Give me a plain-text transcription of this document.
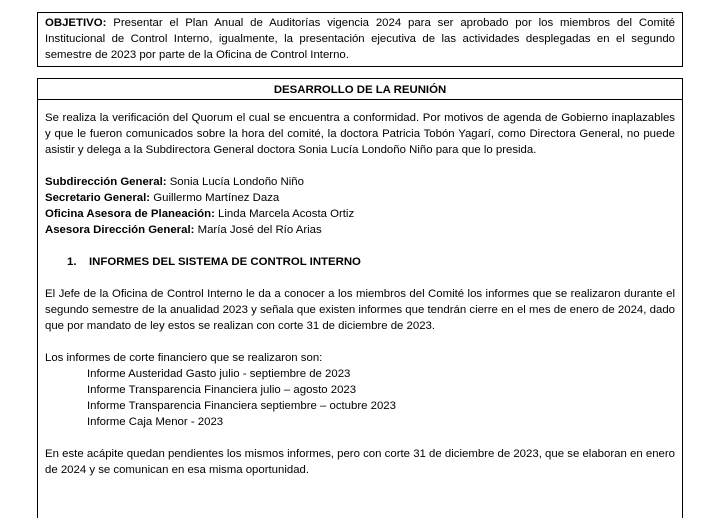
OBJETIVO: Presentar el Plan Anual de Auditorías vigencia 2024 para ser aprobado por los miembros del Comité Institucional de Control Interno, igualmente, la presentación ejecutiva de las actividades desplegadas en el segundo semestre de 2023 por parte de la Oficina de Control Interno.

DESARROLLO DE LA REUNIÓN

Se realiza la verificación del Quorum el cual se encuentra a conformidad. Por motivos de agenda de Gobierno inaplazables y que le fueron comunicados sobre la hora del comité, la doctora Patricia Tobón Yagarí, como Directora General, no puede asistir y delega a la Subdirectora General doctora Sonia Lucía Londoño Niño para que lo presida.

Subdirección General: Sonia Lucía Londoño Niño

Secretario General: Guillermo Martínez Daza

Oficina Asesora de Planeación: Linda Marcela Acosta Ortiz

Asesora Dirección General: María José del Río Arias

1. INFORMES DEL SISTEMA DE CONTROL INTERNO

El Jefe de la Oficina de Control Interno le da a conocer a los miembros del Comité los informes que se realizaron durante el segundo semestre de la anualidad 2023 y señala que existen informes que tendrán cierre en el mes de enero de 2024, dado que por mandato de ley estos se realizan con corte 31 de diciembre de 2023.

Los informes de corte financiero que se realizaron son:

Informe Austeridad Gasto julio - septiembre de 2023

Informe Transparencia Financiera julio – agosto 2023

Informe Transparencia Financiera septiembre – octubre 2023

Informe Caja Menor - 2023

En este acápite quedan pendientes los mismos informes, pero con corte 31 de diciembre de 2023, que se elaboran en enero de 2024 y se comunican en esa misma oportunidad.
